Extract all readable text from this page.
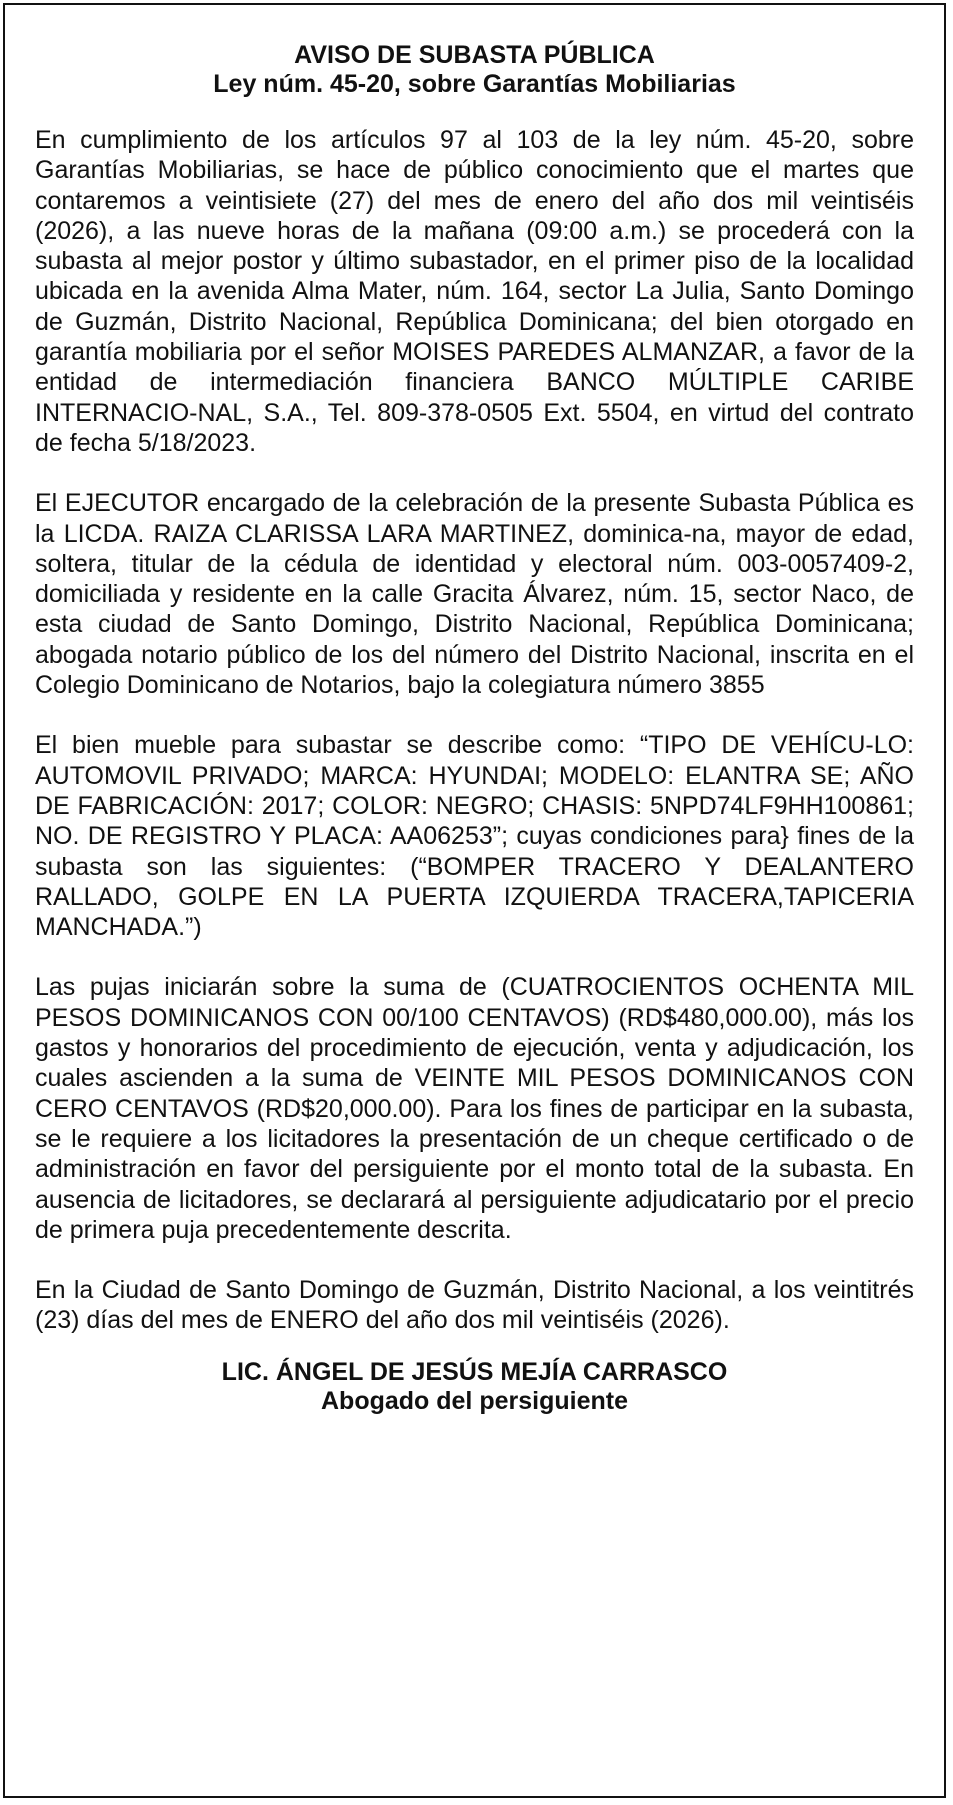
AVISO DE SUBASTA PÚBLICA
Ley núm. 45-20, sobre Garantías Mobiliarias

En cumplimiento de los artículos 97 al 103 de la ley núm. 45-20, sobre Garantías Mobiliarias, se hace de público conocimiento que el martes que contaremos a veintisiete (27) del mes de enero del año dos mil veintiséis (2026), a las nueve horas de la mañana (09:00 a.m.) se procederá con la subasta al mejor postor y último subastador, en el primer piso de la localidad ubicada en la avenida Alma Mater, núm. 164, sector La Julia, Santo Domingo de Guzmán, Distrito Nacional, República Dominicana; del bien otorgado en garantía mobiliaria por el señor MOISES PAREDES ALMANZAR, a favor de la entidad de intermediación financiera BANCO MÚLTIPLE CARIBE INTERNACIO-NAL, S.A., Tel. 809-378-0505 Ext. 5504, en virtud del contrato de fecha 5/18/2023.

El EJECUTOR encargado de la celebración de la presente Subasta Pública es la LICDA. RAIZA CLARISSA LARA MARTINEZ, dominica-na, mayor de edad, soltera, titular de la cédula de identidad y electoral núm. 003-0057409-2, domiciliada y residente en la calle Gracita Álvarez, núm. 15, sector Naco, de esta ciudad de Santo Domingo, Distrito Nacional, República Dominicana; abogada notario público de los del número del Distrito Nacional, inscrita en el Colegio Dominicano de Notarios, bajo la colegiatura número 3855

El bien mueble para subastar se describe como: “TIPO DE VEHÍCU-LO: AUTOMOVIL PRIVADO; MARCA: HYUNDAI; MODELO: ELANTRA SE; AÑO DE FABRICACIÓN: 2017; COLOR: NEGRO; CHASIS: 5NPD74LF9HH100861; NO. DE REGISTRO Y PLACA: AA06253”; cuyas condiciones para} fines de la subasta son las siguientes: (“BOMPER TRACERO Y DEALANTERO RALLADO, GOLPE EN LA PUERTA IZQUIERDA TRACERA,TAPICERIA MANCHADA.”)

Las pujas iniciarán sobre la suma de (CUATROCIENTOS OCHENTA MIL PESOS DOMINICANOS CON 00/100 CENTAVOS) (RD$480,000.00), más los gastos y honorarios del procedimiento de ejecución, venta y adjudicación, los cuales ascienden a la suma de VEINTE MIL PESOS DOMINICANOS CON CERO CENTAVOS (RD$20,000.00). Para los fines de participar en la subasta, se le requiere a los licitadores la presentación de un cheque certificado o de administración en favor del persiguiente por el monto total de la subasta. En ausencia de licitadores, se declarará al persiguiente adjudicatario por el precio de primera puja precedentemente descrita.

En la Ciudad de Santo Domingo de Guzmán, Distrito Nacional, a los veintitrés (23) días del mes de ENERO del año dos mil veintiséis (2026).

LIC. ÁNGEL DE JESÚS MEJÍA CARRASCO
Abogado del persiguiente
